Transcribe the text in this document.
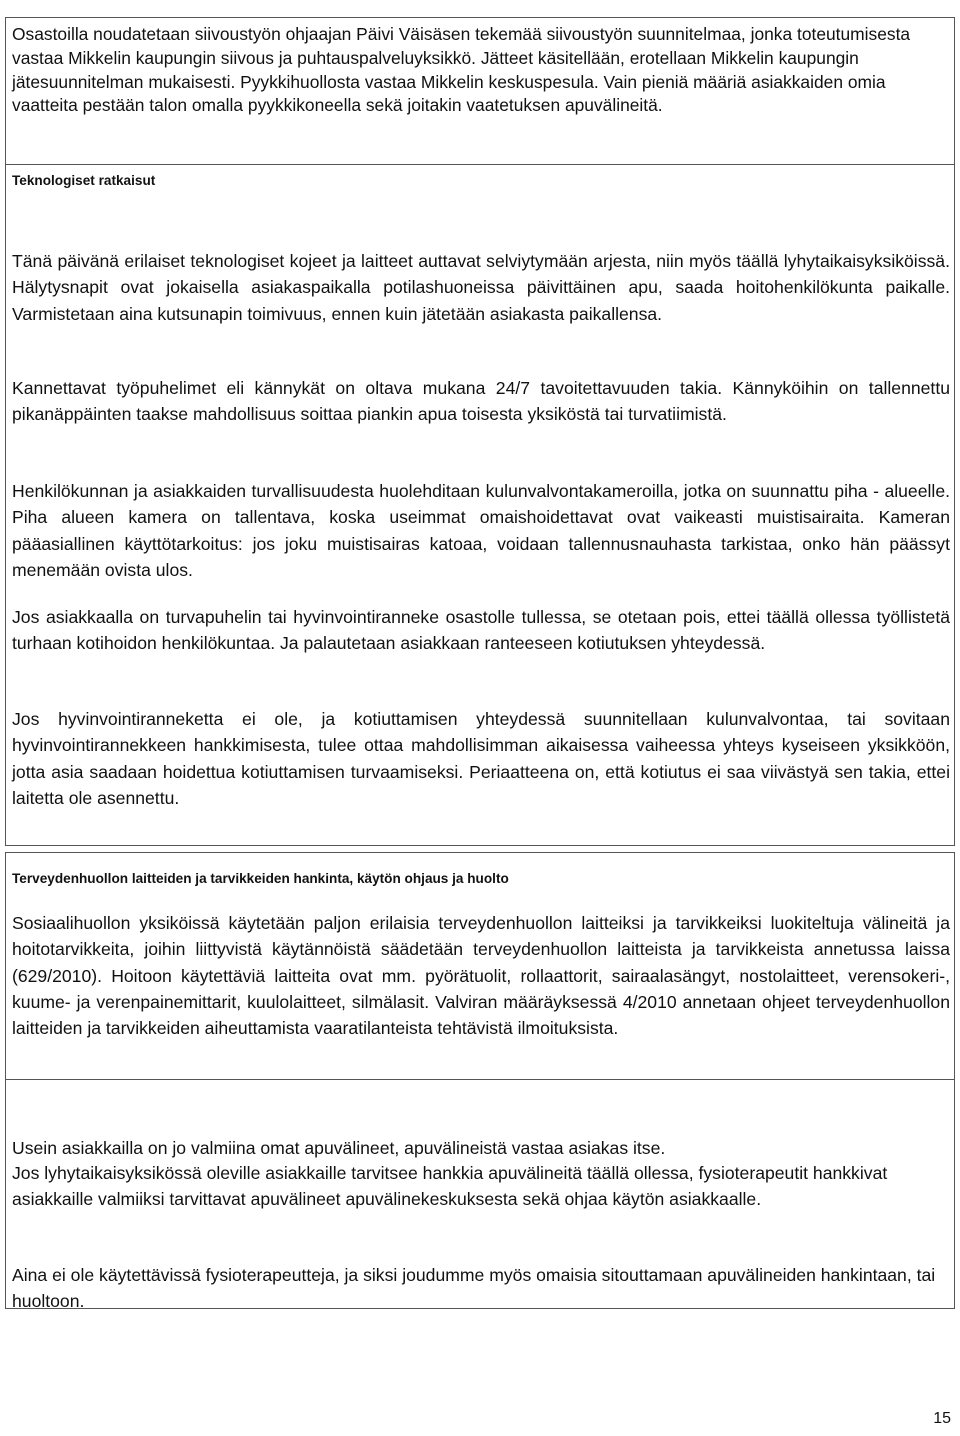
Osastoilla noudatetaan siivoustyön ohjaajan Päivi Väisäsen tekemää siivoustyön suunnitelmaa, jonka toteutumisesta vastaa Mikkelin kaupungin siivous ja puhtauspalveluyksikkö. Jätteet käsitellään, erotellaan Mikkelin kaupungin jätesuunnitelman mukaisesti. Pyykkihuollosta vastaa Mikkelin keskuspesula. Vain pieniä määriä asiakkaiden omia vaatteita pestään talon omalla pyykkikoneella sekä joitakin vaatetuksen apuvälineitä.

Teknologiset ratkaisut

Tänä päivänä erilaiset teknologiset kojeet ja laitteet auttavat selviytymään arjesta, niin myös täällä lyhytaikaisyksiköissä. Hälytysnapit ovat jokaisella asiakaspaikalla potilashuoneissa päivittäinen apu, saada hoitohenkilökunta paikalle. Varmistetaan aina kutsunapin toimivuus, ennen kuin jätetään asiakasta paikallensa.

Kannettavat työpuhelimet eli kännykät on oltava mukana 24/7 tavoitettavuuden takia. Kännyköihin on tallennettu pikanäppäinten taakse mahdollisuus soittaa piankin apua toisesta yksiköstä tai turvatiimistä.

Henkilökunnan ja asiakkaiden turvallisuudesta huolehditaan kulunvalvontakameroilla, jotka on suunnattu piha - alueelle. Piha alueen kamera on tallentava, koska useimmat omaishoidettavat ovat vaikeasti muistisairaita. Kameran pääasiallinen käyttötarkoitus: jos joku muistisairas katoaa, voidaan tallennusnauhasta tarkistaa, onko hän päässyt menemään ovista ulos.

Jos asiakkaalla on turvapuhelin tai hyvinvointiranneke osastolle tullessa, se otetaan pois, ettei täällä ollessa työllistetä turhaan kotihoidon henkilökuntaa. Ja palautetaan asiakkaan ranteeseen kotiutuksen yhteydessä.

Jos hyvinvointiranneketta ei ole, ja kotiuttamisen yhteydessä suunnitellaan kulunvalvontaa, tai sovitaan hyvinvointirannekkeen hankkimisesta, tulee ottaa mahdollisimman aikaisessa vaiheessa yhteys kyseiseen yksikköön, jotta asia saadaan hoidettua kotiuttamisen turvaamiseksi. Periaatteena on, että kotiutus ei saa viivästyä sen takia, ettei laitetta ole asennettu.

Terveydenhuollon laitteiden ja tarvikkeiden hankinta, käytön ohjaus ja huolto

Sosiaalihuollon yksiköissä käytetään paljon erilaisia terveydenhuollon laitteiksi ja tarvikkeiksi luokiteltuja välineitä ja hoitotarvikkeita, joihin liittyvistä käytännöistä säädetään terveydenhuollon laitteista ja tarvikkeista annetussa laissa (629/2010). Hoitoon käytettäviä laitteita ovat mm. pyörätuolit, rollaattorit, sairaalasängyt, nostolaitteet, verensokeri-, kuume- ja verenpainemittarit, kuulolaitteet, silmälasit. Valviran määräyksessä 4/2010 annetaan ohjeet terveydenhuollon laitteiden ja tarvikkeiden aiheuttamista vaaratilanteista tehtävistä ilmoituksista.

Usein asiakkailla on jo valmiina omat apuvälineet, apuvälineistä vastaa asiakas itse.

Jos lyhytaikaisyksikössä oleville asiakkaille tarvitsee hankkia apuvälineitä täällä ollessa, fysioterapeutit hankkivat asiakkaille valmiiksi tarvittavat apuvälineet apuvälinekeskuksesta sekä ohjaa käytön asiakkaalle.

Aina ei ole käytettävissä fysioterapeutteja, ja siksi joudumme myös omaisia sitouttamaan apuvälineiden hankintaan, tai huoltoon.

15
